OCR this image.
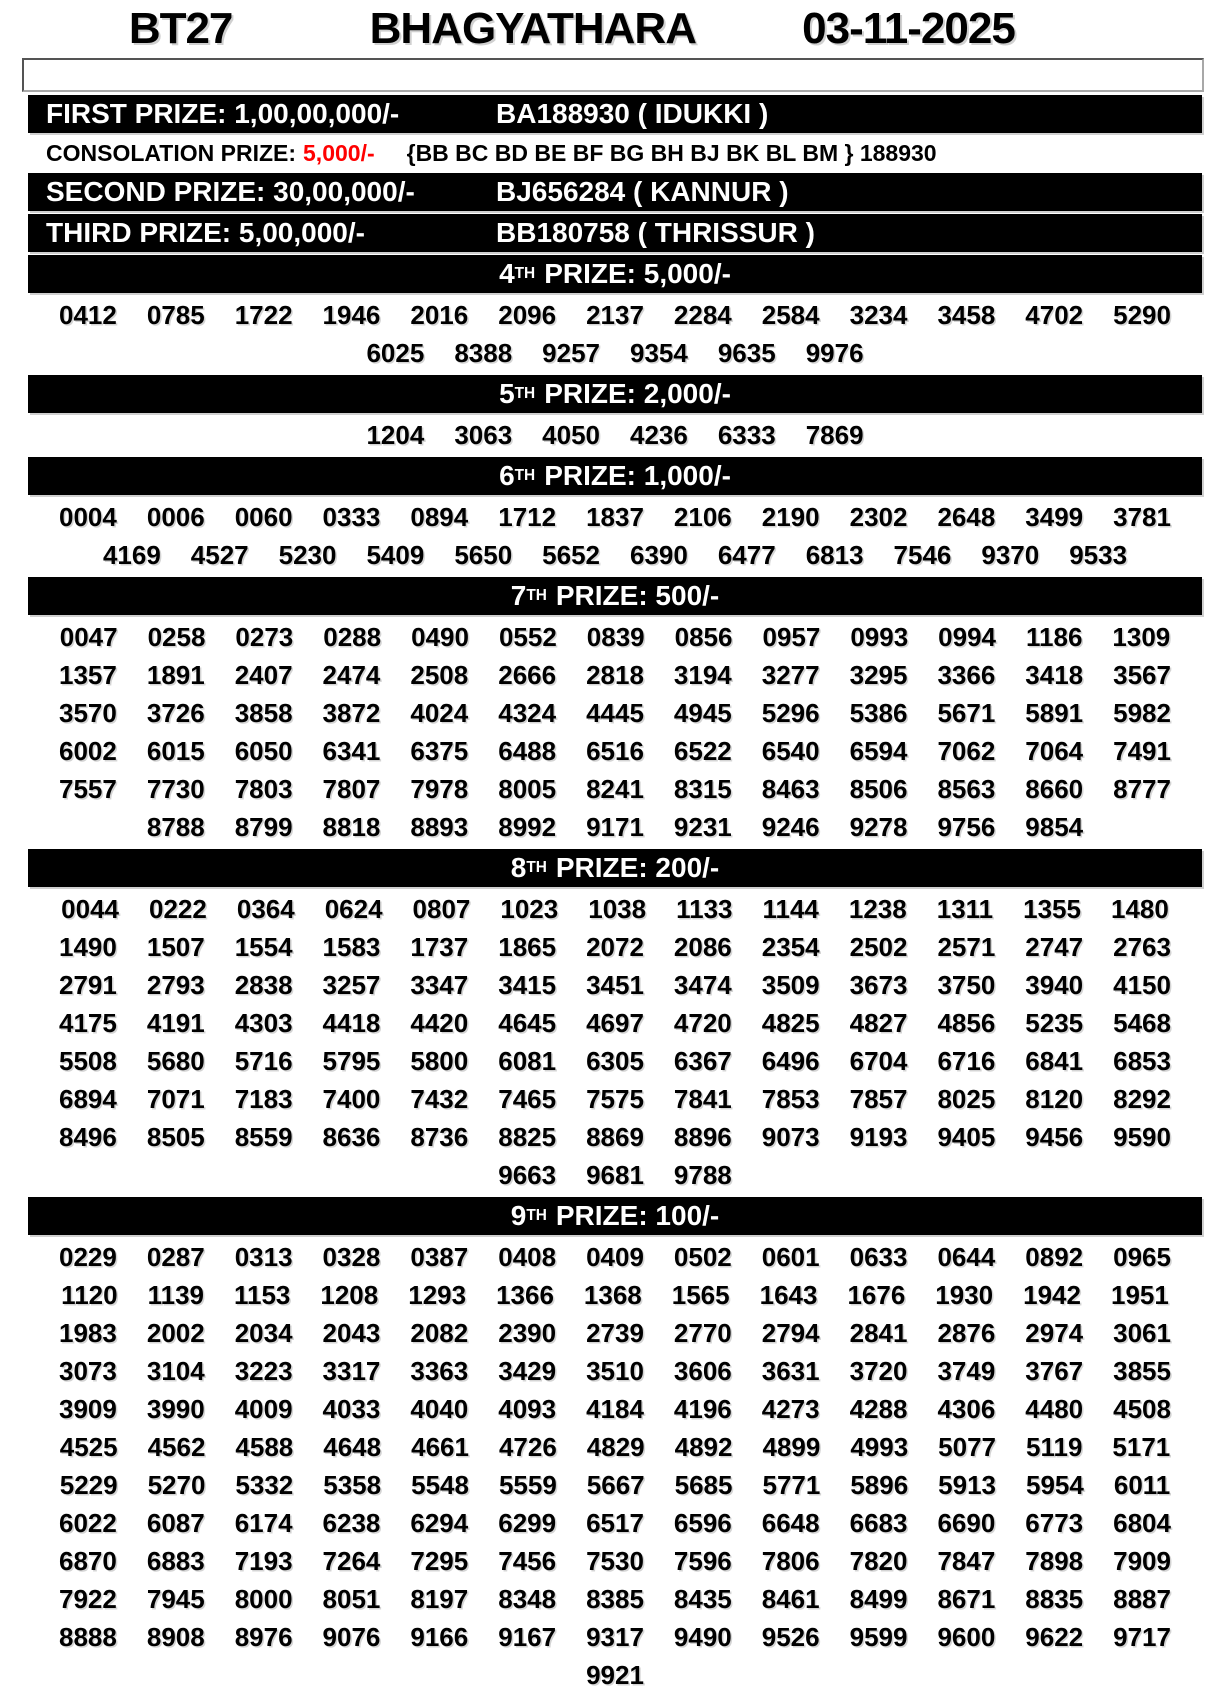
BT27	BHAGYATHARA	03-11-2025
FIRST PRIZE: 1,00,00,000/-	BA188930 ( IDUKKI )
CONSOLATION PRIZE: 5,000/- {BB BC BD BE BF BG BH BJ BK BL BM } 188930
SECOND PRIZE: 30,00,000/-	BJ656284 ( KANNUR )
THIRD PRIZE: 5,00,000/-	BB180758 ( THRISSUR )
4 TH PRIZE: 5,000/-
0412 0785 1722 1946 2016 2096 2137 2284 2584 3234 3458 4702 5290
6025 8388 9257 9354 9635 9976
5 TH PRIZE: 2,000/-
1204 3063 4050 4236 6333 7869
6 TH PRIZE: 1,000/-
0004 0006 0060 0333 0894 1712 1837 2106 2190 2302 2648 3499 3781
4169 4527 5230 5409 5650 5652 6390 6477 6813 7546 9370 9533
7 TH PRIZE: 500/-
0047 0258 0273 0288 0490 0552 0839 0856 0957 0993 0994 1186 1309
1357 1891 2407 2474 2508 2666 2818 3194 3277 3295 3366 3418 3567
3570 3726 3858 3872 4024 4324 4445 4945 5296 5386 5671 5891 5982
6002 6015 6050 6341 6375 6488 6516 6522 6540 6594 7062 7064 7491
7557 7730 7803 7807 7978 8005 8241 8315 8463 8506 8563 8660 8777
8788 8799 8818 8893 8992 9171 9231 9246 9278 9756 9854
8 TH PRIZE: 200/-
0044 0222 0364 0624 0807 1023 1038 1133 1144 1238 1311 1355 1480
1490 1507 1554 1583 1737 1865 2072 2086 2354 2502 2571 2747 2763
2791 2793 2838 3257 3347 3415 3451 3474 3509 3673 3750 3940 4150
4175 4191 4303 4418 4420 4645 4697 4720 4825 4827 4856 5235 5468
5508 5680 5716 5795 5800 6081 6305 6367 6496 6704 6716 6841 6853
6894 7071 7183 7400 7432 7465 7575 7841 7853 7857 8025 8120 8292
8496 8505 8559 8636 8736 8825 8869 8896 9073 9193 9405 9456 9590
9663 9681 9788
9 TH PRIZE: 100/-
0229 0287 0313 0328 0387 0408 0409 0502 0601 0633 0644 0892 0965
1120 1139 1153 1208 1293 1366 1368 1565 1643 1676 1930 1942 1951
1983 2002 2034 2043 2082 2390 2739 2770 2794 2841 2876 2974 3061
3073 3104 3223 3317 3363 3429 3510 3606 3631 3720 3749 3767 3855
3909 3990 4009 4033 4040 4093 4184 4196 4273 4288 4306 4480 4508
4525 4562 4588 4648 4661 4726 4829 4892 4899 4993 5077 5119 5171
5229 5270 5332 5358 5548 5559 5667 5685 5771 5896 5913 5954 6011
6022 6087 6174 6238 6294 6299 6517 6596 6648 6683 6690 6773 6804
6870 6883 7193 7264 7295 7456 7530 7596 7806 7820 7847 7898 7909
7922 7945 8000 8051 8197 8348 8385 8435 8461 8499 8671 8835 8887
8888 8908 8976 9076 9166 9167 9317 9490 9526 9599 9600 9622 9717
9921
